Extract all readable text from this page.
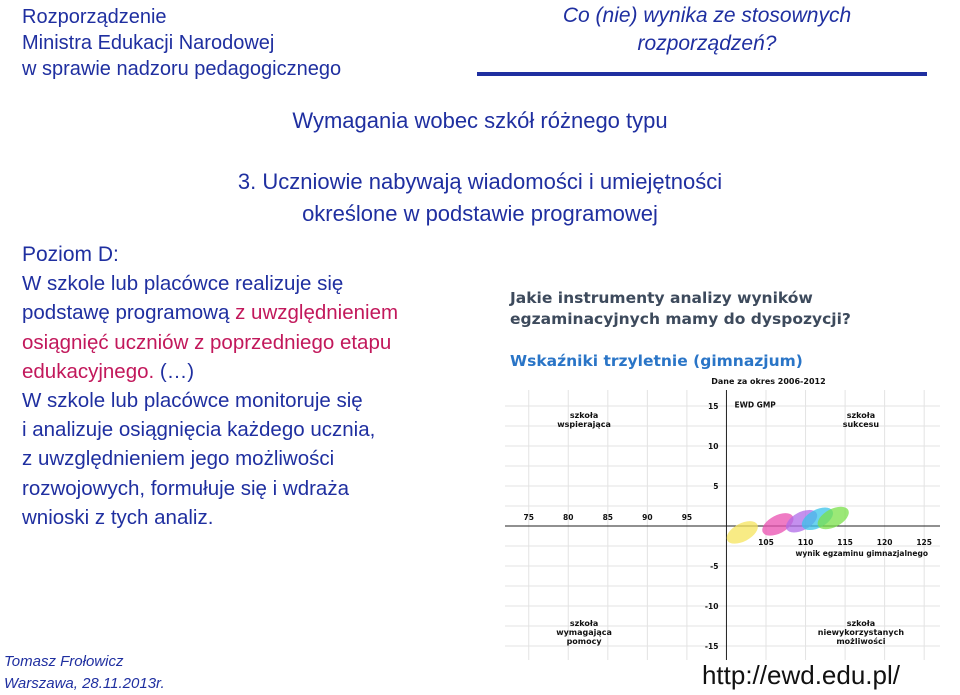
Rozporządzenie
Ministra Edukacji Narodowej
w sprawie nadzoru pedagogicznego
Co (nie) wynika ze stosownych
rozporządzeń?
Wymagania wobec szkół różnego typu
3. Uczniowie nabywają wiadomości i umiejętności
określone w podstawie programowej
Poziom D:
W szkole lub placówce realizuje się
podstawę programową z uwzględnieniem
osiągnięć uczniów z poprzedniego etapu
edukacyjnego. (…)
W szkole lub placówce monitoruje się
i analizuje osiągnięcia każdego ucznia,
z uwzględnieniem jego możliwości
rozwojowych, formułuje się i wdraża
wnioski z tych analiz.
Jakie instrumenty analizy wyników
egzaminacyjnych mamy do dyspozycji?
Wskaźniki trzyletnie (gimnazjum)
Dane za okres 2006-2012
EWD GMP
wynik egzaminu gimnazjalnego
75	80	85	90	95
105	110	115	120	125
15
10
5
-5
-10
-15
szkoła
wspierająca
szkoła
sukcesu
szkoła
wymagająca
pomocy
szkoła
niewykorzystanych
możliwości
Tomasz Frołowicz
Warszawa, 28.11.2013r.	http://ewd.edu.pl/
